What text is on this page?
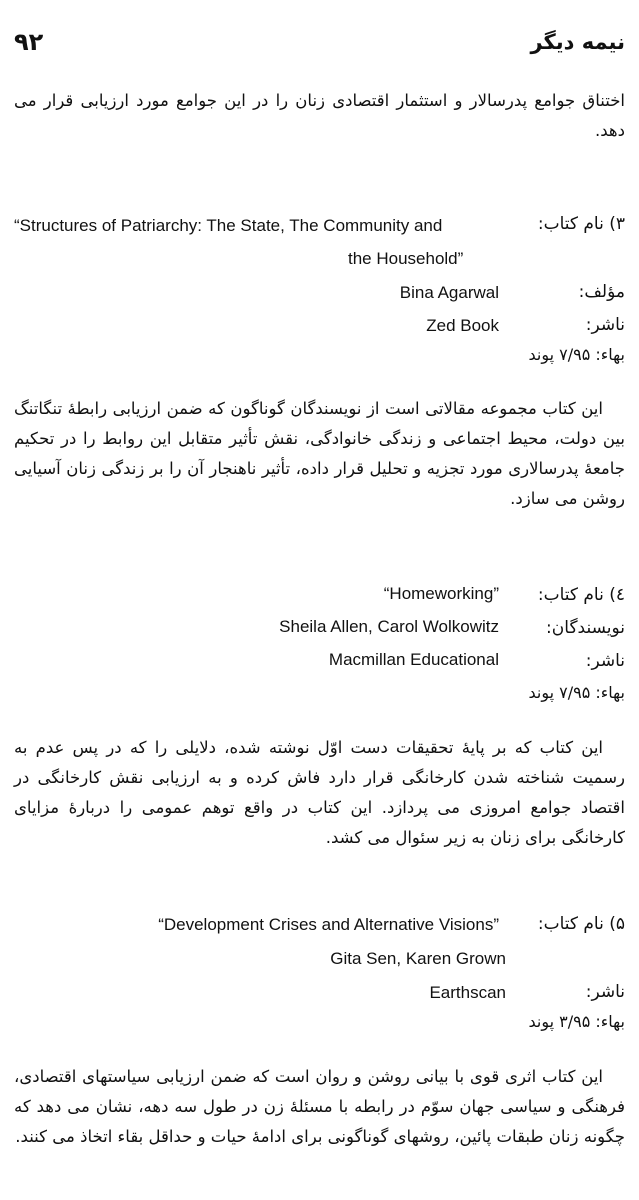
نیمه دیگر
۹۲
اختناق جوامع پدرسالار و استثمار اقتصادی زنان را در این جوامع مورد ارزیابی قرار می دهد.
۳) نام کتاب:
“Structures of Patriarchy: The State, The Community and
the Household”
مؤلف:
Bina Agarwal
ناشر:
Zed Book
بهاء: ۷/۹۵ پوند
این کتاب مجموعه مقالاتی است از نویسندگان گوناگون که ضمن ارزیابی رابطهٔ تنگاتنگ بین دولت، محیط اجتماعی و زندگی خانوادگی، نقش تأثیر متقابل این روابط را در تحکیم جامعهٔ پدرسالاری مورد تجزیه و تحلیل قرار داده، تأثیر ناهنجار آن را بر زندگی زنان آسیایی روشن می سازد.
٤) نام کتاب:
“Homeworking”
نویسندگان:
Sheila Allen, Carol Wolkowitz
ناشر:
Macmillan Educational
بهاء: ۷/۹۵ پوند
این کتاب که بر پایهٔ تحقیقات دست اوّل نوشته شده، دلایلی را که در پس عدم به رسمیت شناخته شدن کارخانگی قرار دارد فاش کرده و به ارزیابی نقش کارخانگی در اقتصاد جوامع امروزی می پردازد. این کتاب در واقع توهم عمومی را دربارهٔ مزایای کارخانگی برای زنان به زیر سئوال می کشد.
۵) نام کتاب:
“Development Crises and Alternative Visions”
Gita Sen, Karen Grown
ناشر:
Earthscan
بهاء: ۳/۹۵ پوند
این کتاب اثری قوی با بیانی روشن و روان است که ضمن ارزیابی سیاستهای اقتصادی، فرهنگی و سیاسی جهان سوّم در رابطه با مسئلهٔ زن در طول سه دهه، نشان می دهد که چگونه زنان طبقات پائین، روشهای گوناگونی برای ادامهٔ حیات و حداقل بقاء اتخاذ می کنند.
